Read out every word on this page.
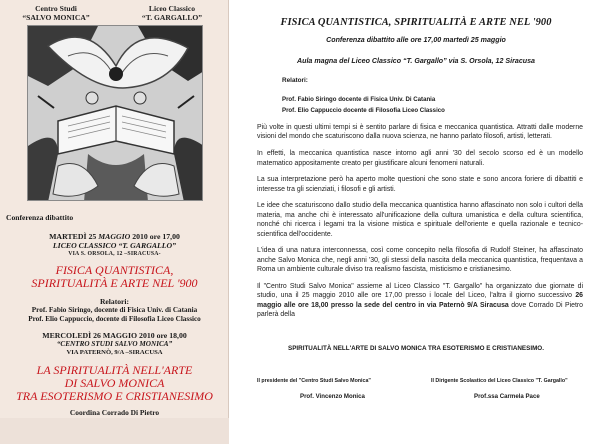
Centro Studi
“SALVO MONICA”
Liceo Classico
“T. GARGALLO”
Conferenza dibattito
MARTEDÌ 25 MAGGIO 2010 ore 17,00
LICEO CLASSICO “T. GARGALLO”
VIA S. ORSOLA, 12 –SIRACUSA-
FISICA QUANTISTICA,
SPIRITUALITÀ E ARTE NEL '900
Relatori:
Prof. Fabio Siringo, docente di Fisica Univ. di Catania
Prof. Elio Cappuccio, docente di Filosofia Liceo Classico
MERCOLEDÌ 26 MAGGIO 2010 ore 18,00
“CENTRO STUDI SALVO MONICA”
VIA PATERNÒ, 9/A –SIRACUSA
LA SPIRITUALITÀ NELL'ARTE
DI SALVO MONICA
TRA ESOTERISMO E CRISTIANESIMO
Coordina Corrado Di Pietro
FISICA QUANTISTICA, SPIRITUALITÀ E ARTE NEL '900
Conferenza dibattito alle ore 17,00 martedì 25 maggio
Aula magna del Liceo Classico “T. Gargallo” via S. Orsola, 12 Siracusa
Relatori:
Prof. Fabio Siringo docente di Fisica Univ. Di Catania
Prof. Elio Cappuccio docente di Filosofia Liceo Classico

Più volte in questi ultimi tempi si è sentito parlare di fisica e meccanica quantistica. Attratti dalle moderne visioni del mondo che scaturiscono dalla nuova scienza, ne hanno parlato filosofi, artisti, letterati.

In effetti, la meccanica quantistica nasce intorno agli anni '30 del secolo scorso ed è un modello matematico appositamente creato per giustificare alcuni fenomeni naturali.

La sua interpretazione però ha aperto molte questioni che sono state e sono ancora foriere di dibattiti e interesse tra gli scienziati, i filosofi e gli artisti.

Le idee che scaturiscono dallo studio della meccanica quantistica hanno affascinato non solo i cultori della materia, ma anche chi è interessato all'unificazione della cultura umanistica e della cultura scientifica, nonché chi ricerca i legami tra la visione mistica e spirituale dell'oriente e quella razionale e tecnico-scientifica dell'occidente.

L'idea di una natura interconnessa, così come concepito nella filosofia di Rudolf Steiner, ha affascinato anche Salvo Monica che, negli anni '30, gli stessi della nascita della meccanica quantistica, frequentava a Roma un ambiente culturale diviso tra realismo fascista, misticismo e cristianesimo.

Il "Centro Studi Salvo Monica" assieme al Liceo Classico "T. Gargallo" ha organizzato due giornate di studio, una il 25 maggio 2010 alle ore 17,00 presso i locale del Liceo, l'altra il giorno successivo 26 maggio alle ore 18,00 presso la sede del centro in via Paternò 9/A Siracusa dove Corrado Di Pietro parlerà della

SPIRITUALITÀ NELL'ARTE DI SALVO MONICA TRA ESOTERISMO E CRISTIANESIMO.
Il presidente del "Centro Studi Salvo Monica"	Il Dirigente Scolastico del Liceo Classico "T. Gargallo"
Prof. Vincenzo Monica	Prof.ssa Carmela Pace
